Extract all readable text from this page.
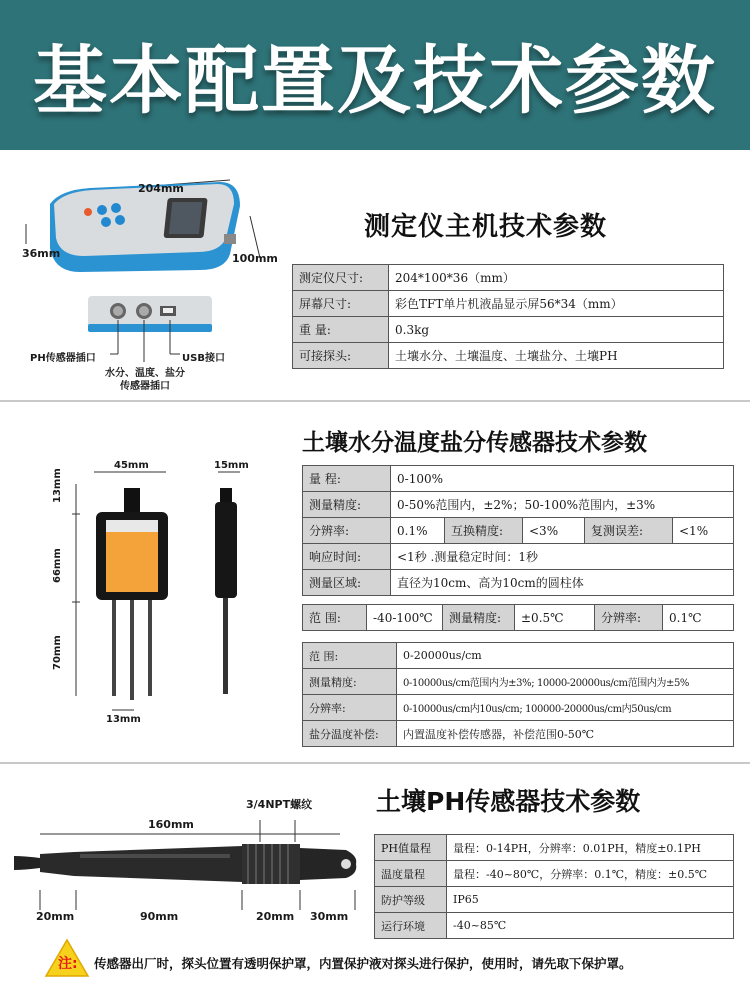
基本配置及技术参数
204mm
36mm	100mm
PH传感器插口
水分、温度、盐分
传感器插口
USB接口
测定仪主机技术参数
测定仪尺寸:	204*100*36（mm）
屏幕尺寸:	彩色TFT单片机液晶显示屏56*34（mm）
重 量:	0.3kg
可接探头:	土壤水分、土壤温度、土壤盐分、土壤PH
土壤水分温度盐分传感器技术参数
45mm	15mm
13mm
66mm
70mm
13mm
量 程:	0-100%				
测量精度:	0-50%范围内，±2%；50-100%范围内，±3%				
分辨率:	0.1%	互换精度:	<3%	复测误差:	<1%
响应时间:	<1秒 .测量稳定时间：1秒				
测量区域:	直径为10cm、高为10cm的圆柱体				
范 围:	-40-100℃	测量精度:	±0.5℃	分辨率:	0.1℃
范 围:	0-20000us/cm
测量精度:	0-10000us/cm范围内为±3%; 10000-20000us/cm范围内为±5%
分辨率:	0-10000us/cm内10us/cm; 100000-20000us/cm内50us/cm
盐分温度补偿:	内置温度补偿传感器，补偿范围0-50℃
土壤PH传感器技术参数
3/4NPT螺纹
160mm
20mm	90mm	20mm 30mm
PH值量程	量程：0-14PH，分辨率：0.01PH，精度±0.1PH
温度量程	量程：-40~80℃，分辨率：0.1℃，精度：±0.5℃
防护等级	IP65
运行环境	-40~85℃
注: 传感器出厂时，探头位置有透明保护罩，内置保护液对探头进行保护，使用时，请先取下保护罩。
